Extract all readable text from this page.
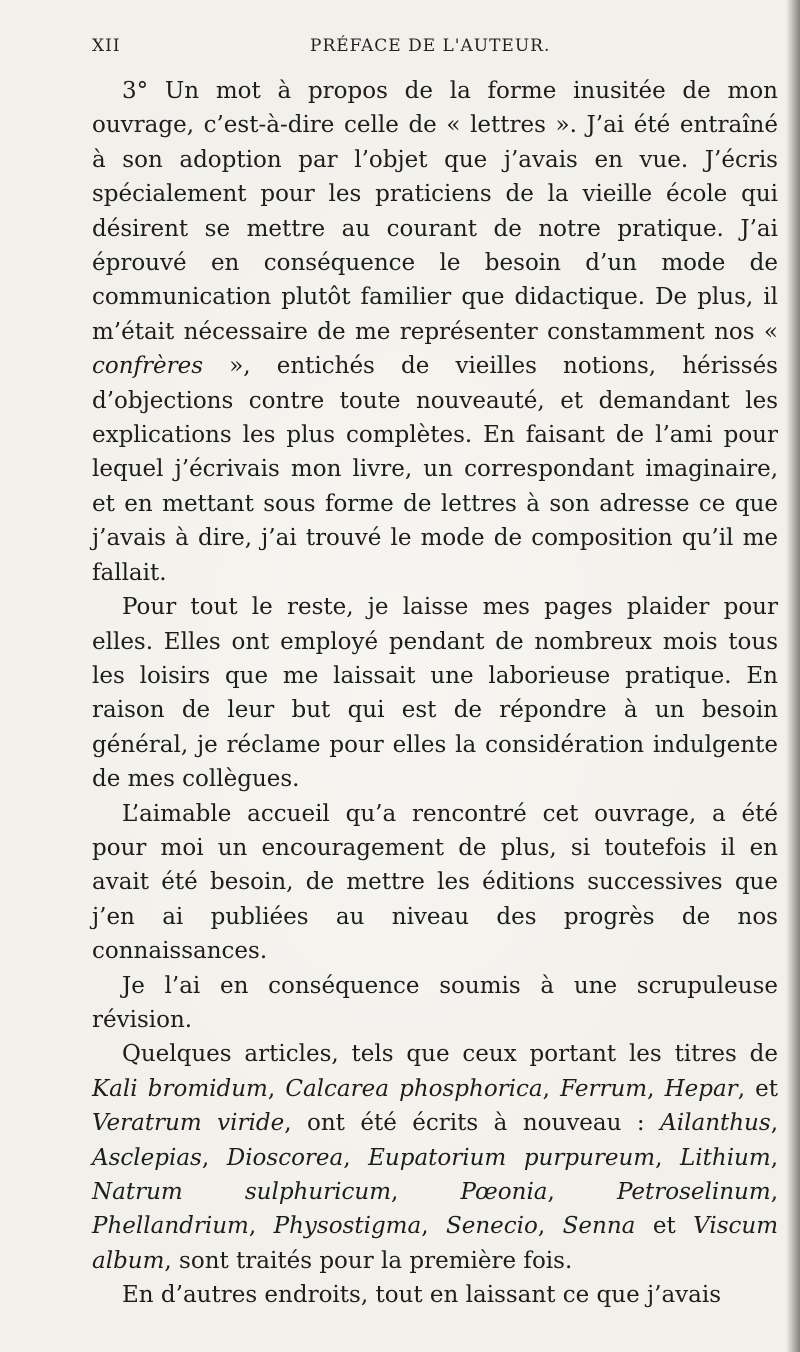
XII	PRÉFACE DE L'AUTEUR.

3° Un mot à propos de la forme inusitée de mon ouvrage, c’est-à-dire celle de « lettres ». J’ai été entraîné à son adoption par l’objet que j’avais en vue. J’écris spécialement pour les praticiens de la vieille école qui désirent se mettre au courant de notre pratique. J’ai éprouvé en conséquence le besoin d’un mode de communication plutôt familier que didactique. De plus, il m’était nécessaire de me représenter constamment nos « confrères », entichés de vieilles notions, hérissés d’objections contre toute nouveauté, et demandant les explications les plus complètes. En faisant de l’ami pour lequel j’écrivais mon livre, un correspondant imaginaire, et en mettant sous forme de lettres à son adresse ce que j’avais à dire, j’ai trouvé le mode de composition qu’il me fallait.

Pour tout le reste, je laisse mes pages plaider pour elles. Elles ont employé pendant de nombreux mois tous les loisirs que me laissait une laborieuse pratique. En raison de leur but qui est de répondre à un besoin général, je réclame pour elles la considération indulgente de mes collègues.

L’aimable accueil qu’a rencontré cet ouvrage, a été pour moi un encouragement de plus, si toutefois il en avait été besoin, de mettre les éditions successives que j’en ai publiées au niveau des progrès de nos connaissances.

Je l’ai en conséquence soumis à une scrupuleuse révision.

Quelques articles, tels que ceux portant les titres de Kali bromidum, Calcarea phosphorica, Ferrum, Hepar, et Veratrum viride, ont été écrits à nouveau : Ailanthus, Asclepias, Dioscorea, Eupatorium purpureum, Lithium, Natrum sulphuricum, Pœonia, Petroselinum, Phellandrium, Physostigma, Senecio, Senna et Viscum album, sont traités pour la première fois.

En d’autres endroits, tout en laissant ce que j’avais
